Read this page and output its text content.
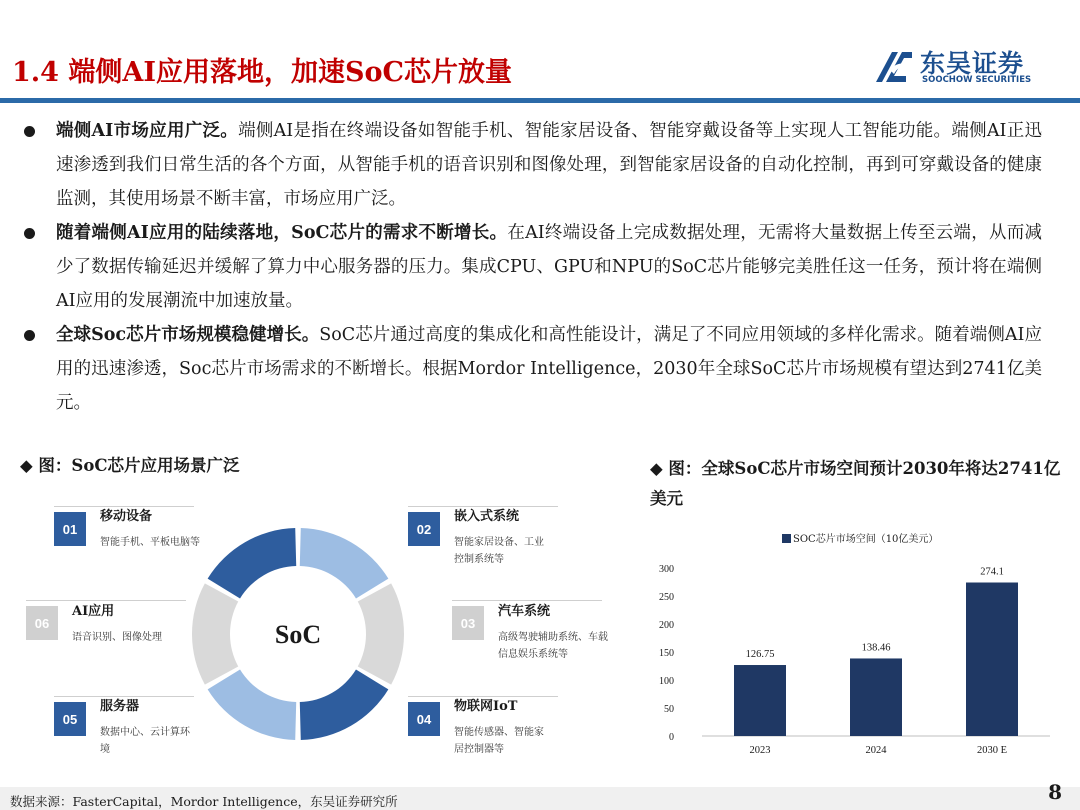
1.4 端侧AI应用落地，加速SoC芯片放量	东吴证券
SOOCHOW SECURITIES
端侧AI市场应用广泛。端侧AI是指在终端设备如智能手机、智能家居设备、智能穿戴设备等上实现人工智能功能。端侧AI正迅速渗透到我们日常生活的各个方面，从智能手机的语音识别和图像处理，到智能家居设备的自动化控制，再到可穿戴设备的健康监测，其使用场景不断丰富，市场应用广泛。
随着端侧AI应用的陆续落地，SoC芯片的需求不断增长。在AI终端设备上完成数据处理，无需将大量数据上传至云端，从而减少了数据传输延迟并缓解了算力中心服务器的压力。集成CPU、GPU和NPU的SoC芯片能够完美胜任这一任务，预计将在端侧AI应用的发展潮流中加速放量。
全球Soc芯片市场规模稳健增长。SoC芯片通过高度的集成化和高性能设计，满足了不同应用领域的多样化需求。随着端侧AI应用的迅速渗透，Soc芯片市场需求的不断增长。根据Mordor Intelligence，2030年全球SoC芯片市场规模有望达到2741亿美元。
◆ 图：SoC芯片应用场景广泛	◆ 图：全球SoC芯片市场空间预计2030年将达2741亿美元
SoC
01
移动设备
智能手机、平板电脑等
06
AI应用
语音识别、图像处理
05
服务器
数据中心、云计算环境
02
嵌入式系统
智能家居设备、工业控制系统等
03
汽车系统
高级驾驶辅助系统、车载信息娱乐系统等
04
物联网IoT
智能传感器、智能家居控制器等
SOC芯片市场空间（10亿美元）
0
50
100
150
200
250
300
126.75
2023
138.46
2024
274.1
2030 E
数据来源：FasterCapital，Mordor Intelligence，东吴证券研究所	8
